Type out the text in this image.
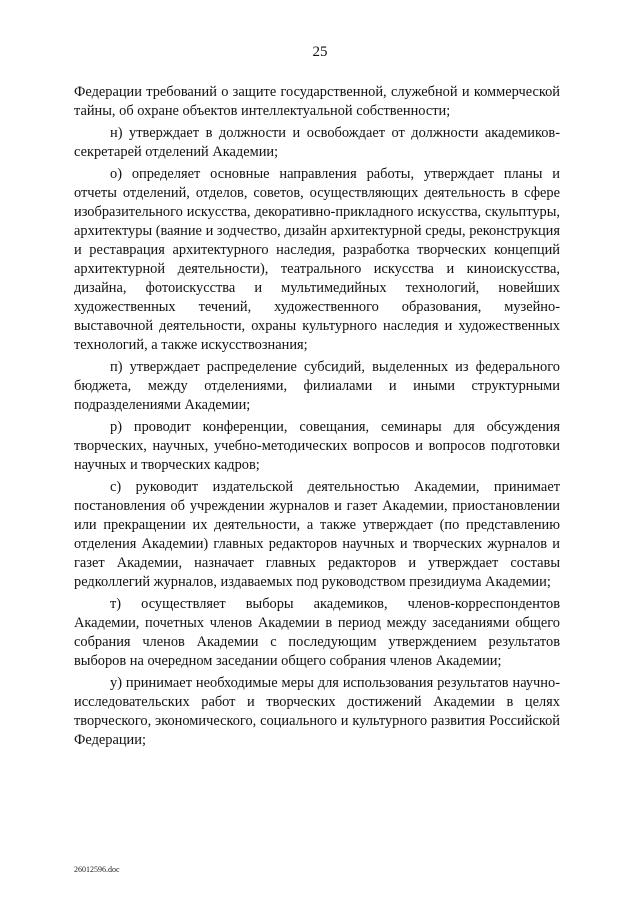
25

Федерации требований о защите государственной, служебной и коммерческой тайны, об охране объектов интеллектуальной собственности;

н) утверждает в должности и освобождает от должности академиков-секретарей отделений Академии;

о) определяет основные направления работы, утверждает планы и отчеты отделений, отделов, советов, осуществляющих деятельность в сфере изобразительного искусства, декоративно-прикладного искусства, скульптуры, архитектуры (ваяние и зодчество, дизайн архитектурной среды, реконструкция и реставрация архитектурного наследия, разработка творческих концепций архитектурной деятельности), театрального искусства и киноискусства, дизайна, фотоискусства и мультимедийных технологий, новейших художественных течений, художественного образования, музейно-выставочной деятельности, охраны культурного наследия и художественных технологий, а также искусствознания;

п) утверждает распределение субсидий, выделенных из федерального бюджета, между отделениями, филиалами и иными структурными подразделениями Академии;

р) проводит конференции, совещания, семинары для обсуждения творческих, научных, учебно-методических вопросов и вопросов подготовки научных и творческих кадров;

с) руководит издательской деятельностью Академии, принимает постановления об учреждении журналов и газет Академии, приостановлении или прекращении их деятельности, а также утверждает (по представлению отделения Академии) главных редакторов научных и творческих журналов и газет Академии, назначает главных редакторов и утверждает составы редколлегий журналов, издаваемых под руководством президиума Академии;

т) осуществляет выборы академиков, членов-корреспондентов Академии, почетных членов Академии в период между заседаниями общего собрания членов Академии с последующим утверждением результатов выборов на очередном заседании общего собрания членов Академии;

у) принимает необходимые меры для использования результатов научно-исследовательских работ и творческих достижений Академии в целях творческого, экономического, социального и культурного развития Российской Федерации;

26012596.doc
